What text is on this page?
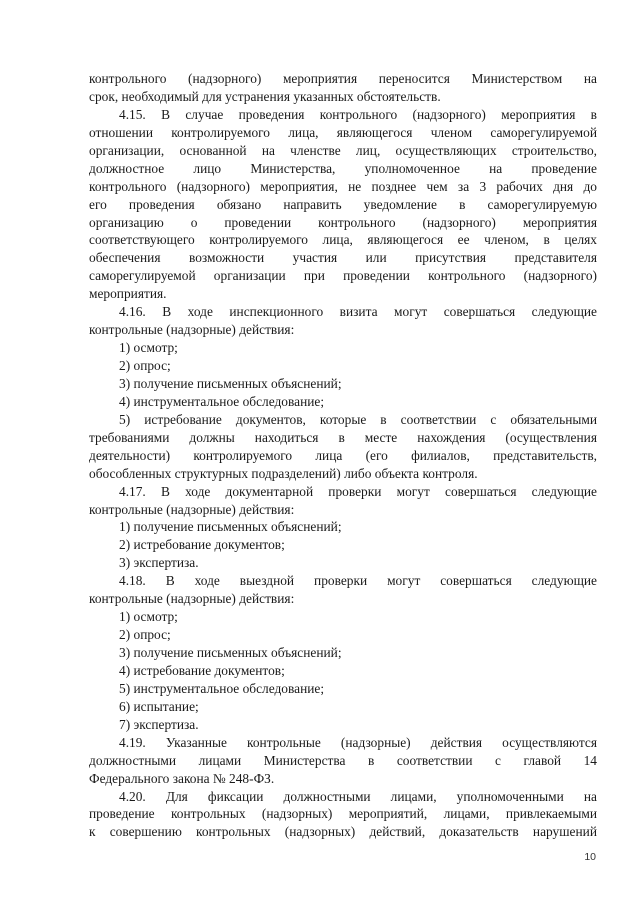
контрольного (надзорного) мероприятия переносится Министерством на
срок, необходимый для устранения указанных обстоятельств.
4.15. В случае проведения контрольного (надзорного) мероприятия в
отношении контролируемого лица, являющегося членом саморегулируемой
организации, основанной на членстве лиц, осуществляющих строительство,
должностное лицо Министерства, уполномоченное на проведение
контрольного (надзорного) мероприятия, не позднее чем за 3 рабочих дня до
его проведения обязано направить уведомление в саморегулируемую
организацию о проведении контрольного (надзорного) мероприятия
соответствующего контролируемого лица, являющегося ее членом, в целях
обеспечения возможности участия или присутствия представителя
саморегулируемой организации при проведении контрольного (надзорного)
мероприятия.
4.16. В ходе инспекционного визита могут совершаться следующие
контрольные (надзорные) действия:
1) осмотр;
2) опрос;
3) получение письменных объяснений;
4) инструментальное обследование;
5) истребование документов, которые в соответствии с обязательными
требованиями должны находиться в месте нахождения (осуществления
деятельности) контролируемого лица (его филиалов, представительств,
обособленных структурных подразделений) либо объекта контроля.
4.17. В ходе документарной проверки могут совершаться следующие
контрольные (надзорные) действия:
1) получение письменных объяснений;
2) истребование документов;
3) экспертиза.
4.18. В ходе выездной проверки могут совершаться следующие
контрольные (надзорные) действия:
1) осмотр;
2) опрос;
3) получение письменных объяснений;
4) истребование документов;
5) инструментальное обследование;
6) испытание;
7) экспертиза.
4.19. Указанные контрольные (надзорные) действия осуществляются
должностными лицами Министерства в соответствии с главой 14
Федерального закона № 248-ФЗ.
4.20. Для фиксации должностными лицами, уполномоченными на
проведение контрольных (надзорных) мероприятий, лицами, привлекаемыми
к совершению контрольных (надзорных) действий, доказательств нарушений
10
